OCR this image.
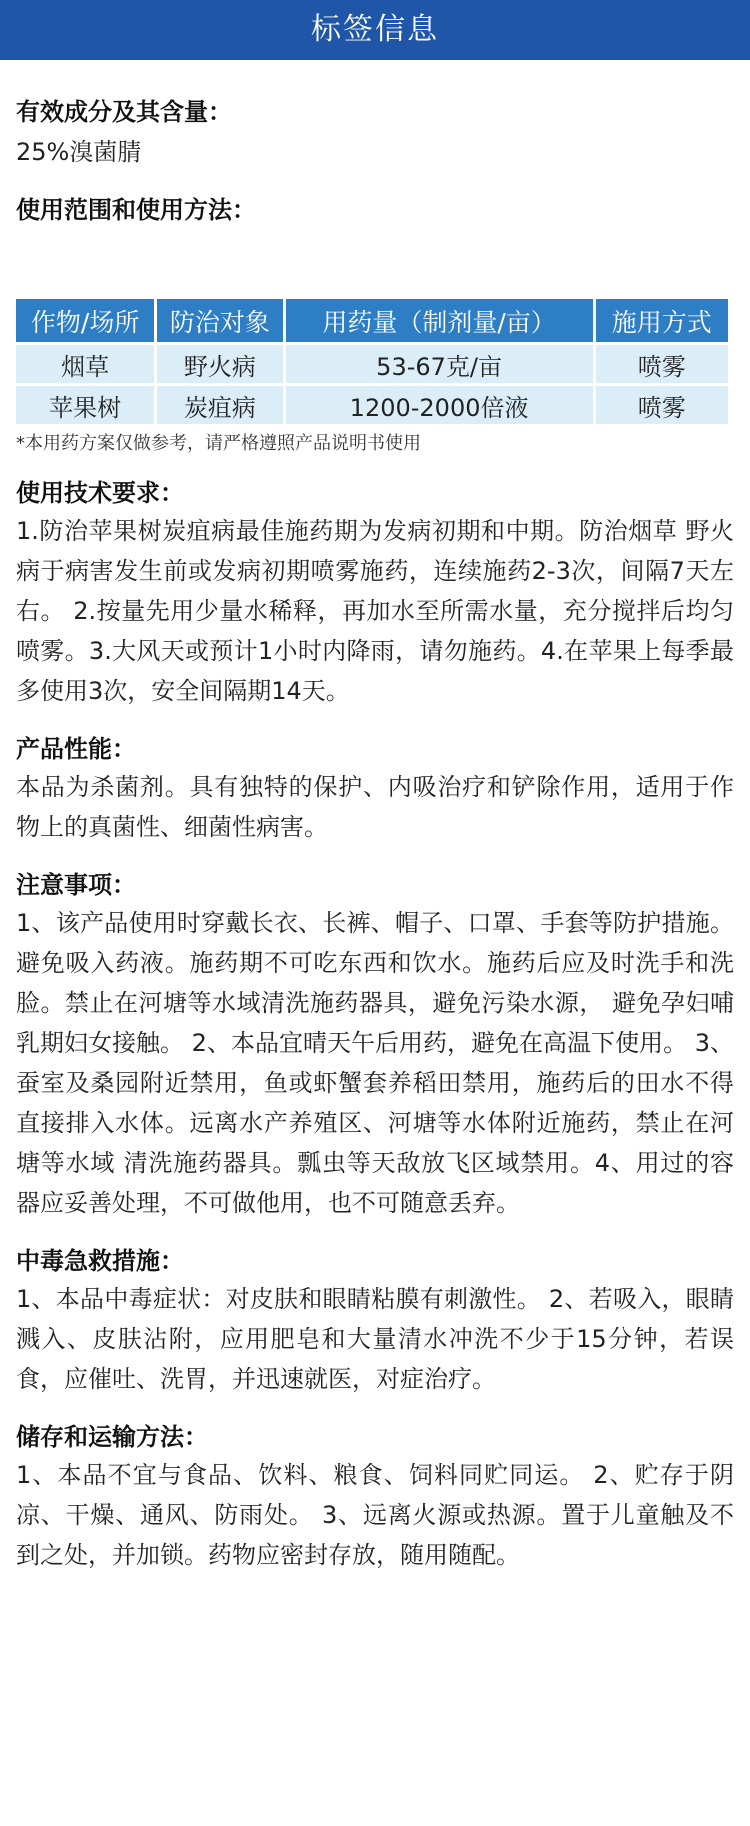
标签信息
有效成分及其含量：
25%溴菌腈
使用范围和使用方法：
作物/场所	防治对象	用药量（制剂量/亩）	施用方式
烟草	野火病	53-67克/亩	喷雾
苹果树	炭疽病	1200-2000倍液	喷雾
*本用药方案仅做参考，请严格遵照产品说明书使用
使用技术要求：
1.防治苹果树炭疽病最佳施药期为发病初期和中期。防治烟草 野火病于病害发生前或发病初期喷雾施药，连续施药2-3次，间隔7天左右。 2.按量先用少量水稀释，再加水至所需水量，充分搅拌后均匀喷雾。3.大风天或预计1小时内降雨，请勿施药。4.在苹果上每季最多使用3次，安全间隔期14天。
产品性能：
本品为杀菌剂。具有独特的保护、内吸治疗和铲除作用，适用于作物上的真菌性、细菌性病害。
注意事项：
1、该产品使用时穿戴长衣、长裤、帽子、口罩、手套等防护措施。避免吸入药液。施药期不可吃东西和饮水。施药后应及时洗手和洗脸。禁止在河塘等水域清洗施药器具，避免污染水源， 避免孕妇哺乳期妇女接触。 2、本品宜晴天午后用药，避免在高温下使用。 3、蚕室及桑园附近禁用，鱼或虾蟹套养稻田禁用，施药后的田水不得直接排入水体。远离水产养殖区、河塘等水体附近施药，禁止在河塘等水域 清洗施药器具。瓢虫等天敌放飞区域禁用。4、用过的容器应妥善处理，不可做他用，也不可随意丢弃。
中毒急救措施：
1、本品中毒症状：对皮肤和眼睛粘膜有刺激性。 2、若吸入，眼睛溅入、皮肤沾附，应用肥皂和大量清水冲洗不少于15分钟，若误食，应催吐、洗胃，并迅速就医，对症治疗。
储存和运输方法：
1、本品不宜与食品、饮料、粮食、饲料同贮同运。 2、贮存于阴凉、干燥、通风、防雨处。 3、远离火源或热源。置于儿童触及不到之处，并加锁。药物应密封存放，随用随配。
